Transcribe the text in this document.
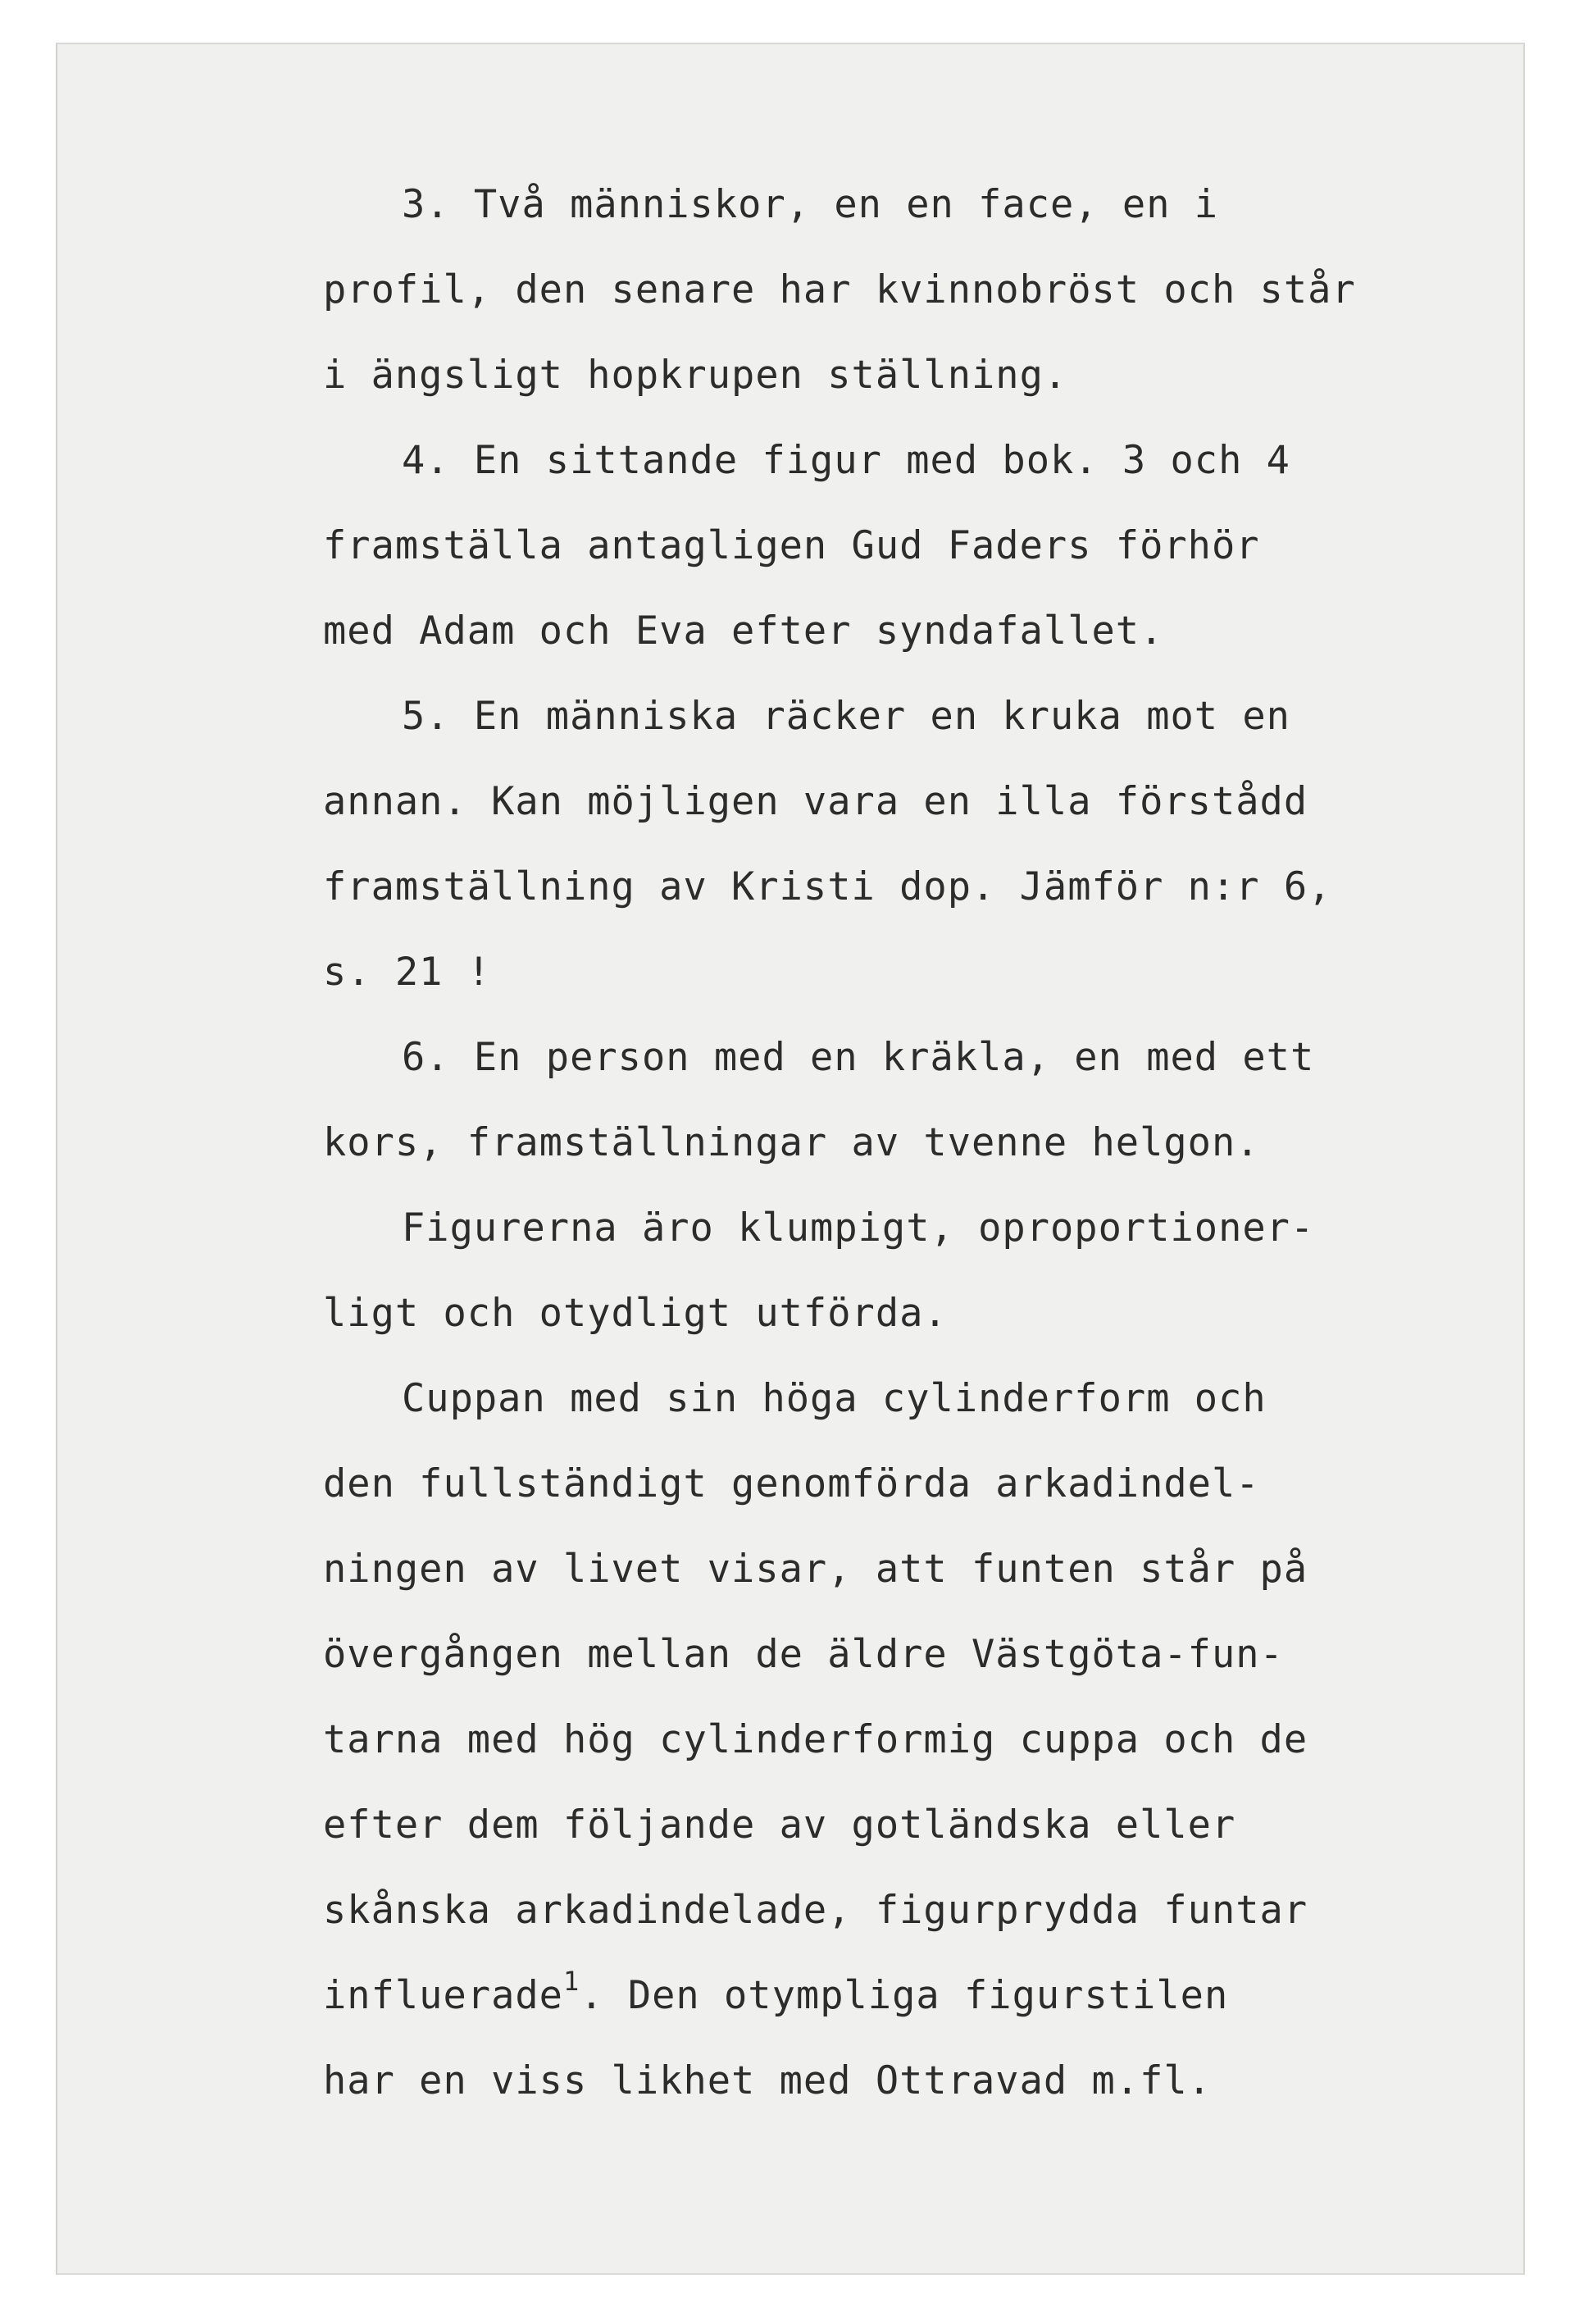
3. Två människor, en en face, en i
profil, den senare har kvinnobröst och står
i ängsligt hopkrupen ställning.
4. En sittande figur med bok. 3 och 4
framställa antagligen Gud Faders förhör
med Adam och Eva efter syndafallet.
5. En människa räcker en kruka mot en
annan. Kan möjligen vara en illa förstådd
framställning av Kristi dop. Jämför n:r 6,
s. 21 !
6. En person med en kräkla, en med ett
kors, framställningar av tvenne helgon.
Figurerna äro klumpigt, oproportioner-
ligt och otydligt utförda.
Cuppan med sin höga cylinderform och
den fullständigt genomförda arkadindel-
ningen av livet visar, att funten står på
övergången mellan de äldre Västgöta-fun-
tarna med hög cylinderformig cuppa och de
efter dem följande av gotländska eller
skånska arkadindelade, figurprydda funtar
influerade$^1$. Den otympliga figurstilen
har en viss likhet med Ottravad m.fl.
